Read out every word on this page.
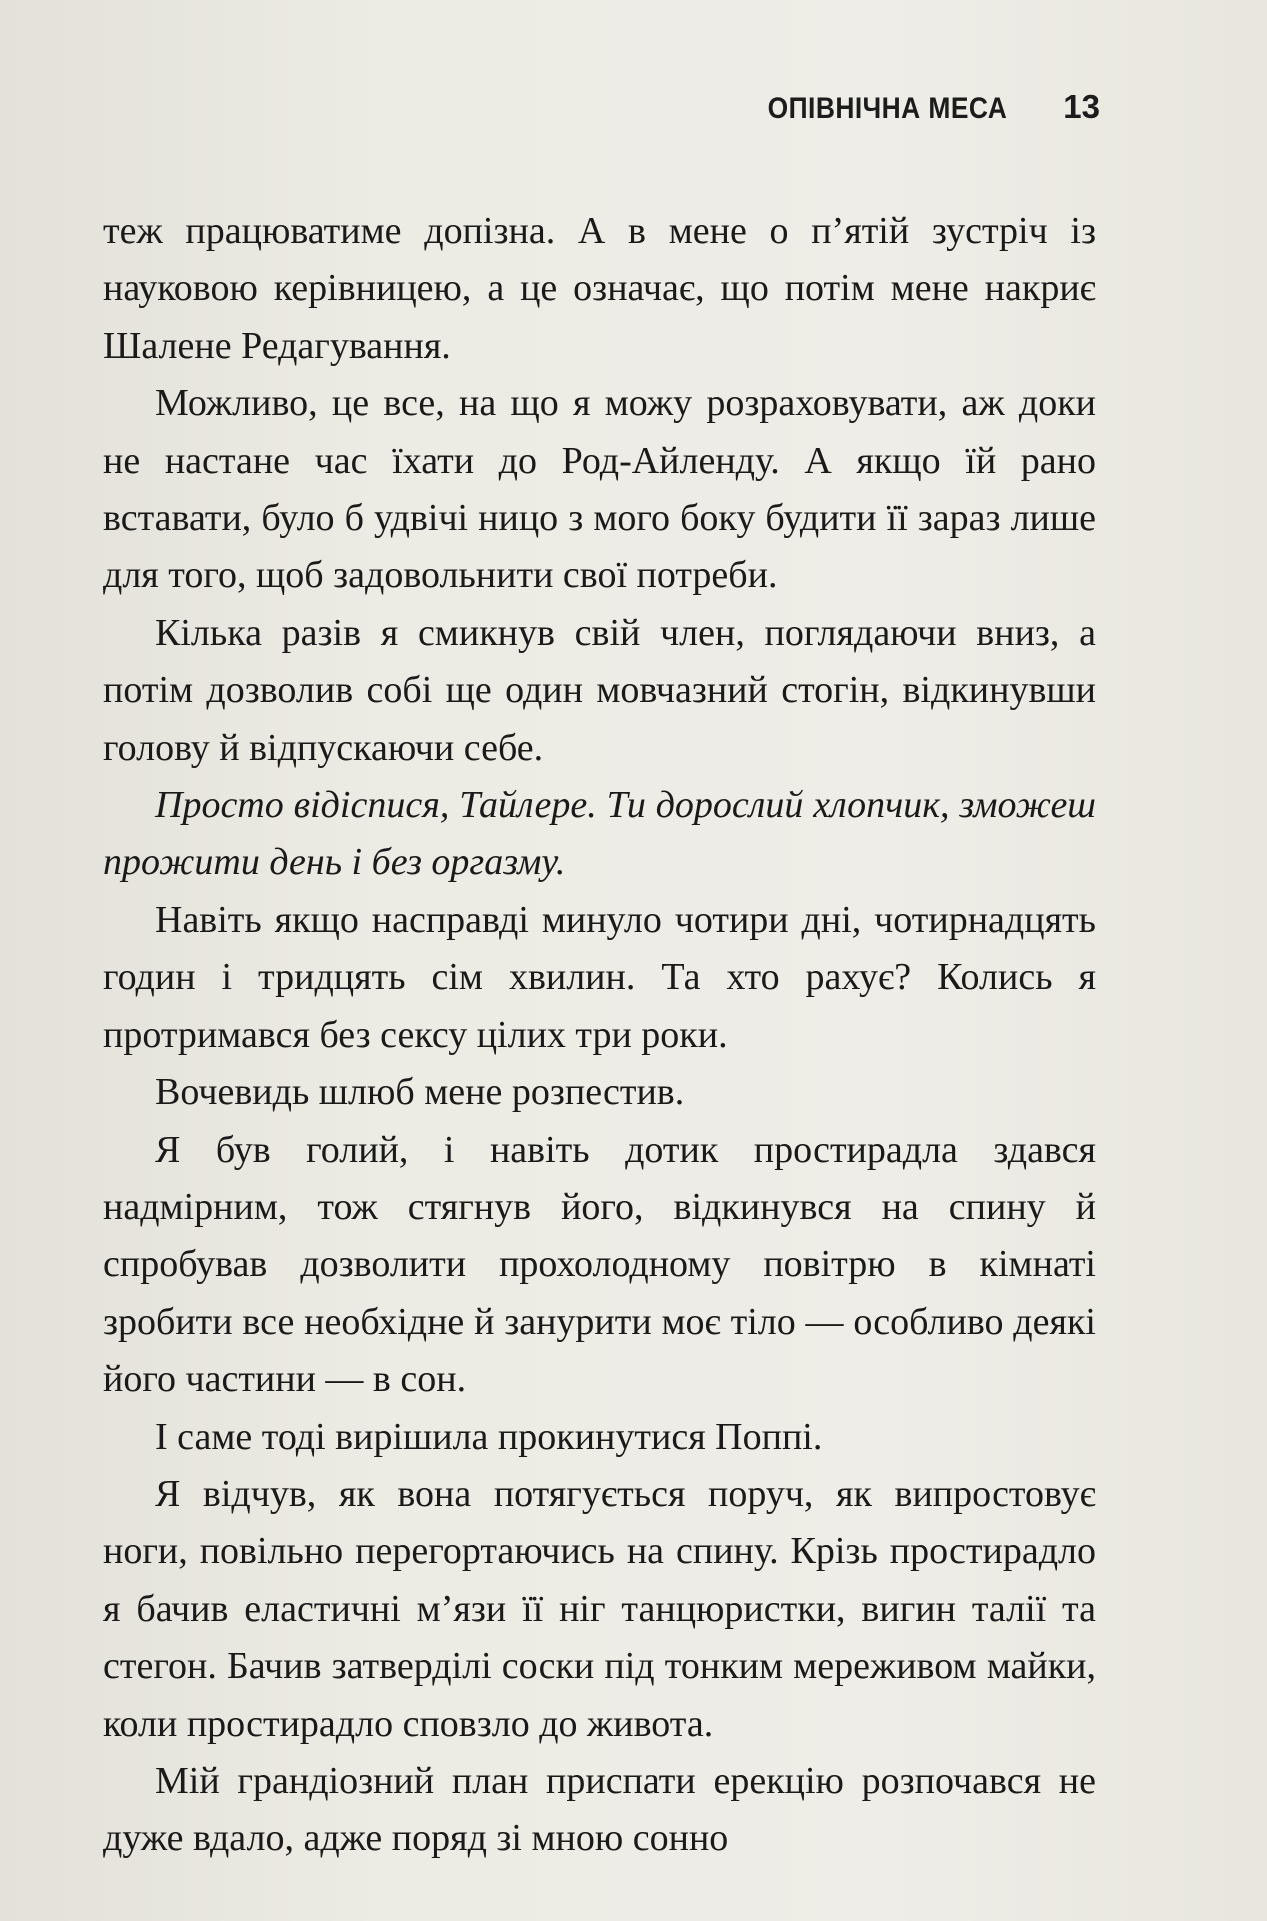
ОПІВНІЧНА МЕСА 13

теж працюватиме допізна. А в мене о п’ятій зустріч із науковою керівницею, а це означає, що потім мене накриє Шалене Редагування.

Можливо, це все, на що я можу розраховувати, аж доки не настане час їхати до Род-Айленду. А якщо їй рано вставати, було б удвічі ницо з мого боку будити її зараз лише для того, щоб задовольнити свої потреби.

Кілька разів я смикнув свій член, поглядаючи вниз, а потім дозволив собі ще один мовчазний стогін, відкинувши голову й відпускаючи себе.

Просто відіспися, Тайлере. Ти дорослий хлопчик, зможеш прожити день і без оргазму.

Навіть якщо насправді минуло чотири дні, чотирнадцять годин і тридцять сім хвилин. Та хто рахує? Колись я протримався без сексу цілих три роки.

Вочевидь шлюб мене розпестив.

Я був голий, і навіть дотик простирадла здався надмірним, тож стягнув його, відкинувся на спину й спробував дозволити прохолодному повітрю в кімнаті зробити все необхідне й занурити моє тіло — особливо деякі його частини — в сон.

І саме тоді вирішила прокинутися Поппі.

Я відчув, як вона потягується поруч, як випростовує ноги, повільно перегортаючись на спину. Крізь простирадло я бачив еластичні м’язи її ніг танцюристки, вигин талії та стегон. Бачив затверділі соски під тонким мереживом майки, коли простирадло сповзло до живота.

Мій грандіозний план приспати ерекцію розпочався не дуже вдало, адже поряд зі мною сонно
